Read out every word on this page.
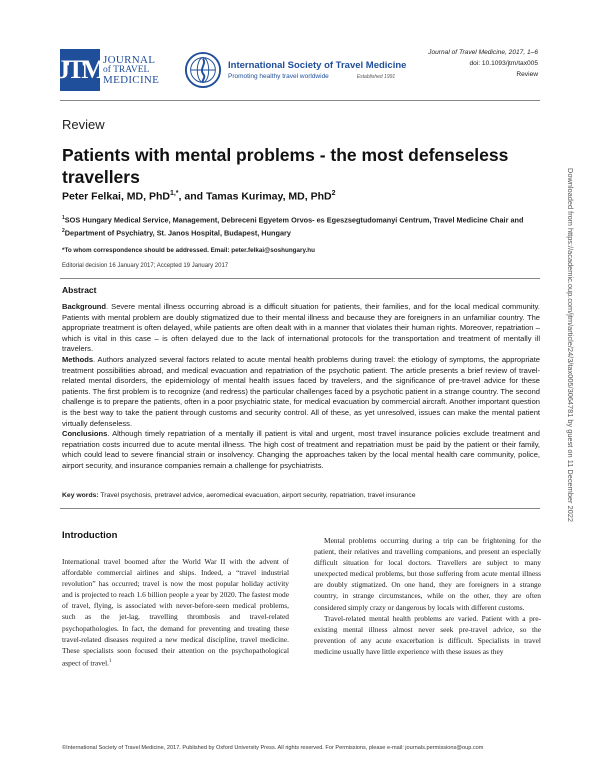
JTM JOURNAL
of TRAVEL
MEDICINE
International Society of Travel Medicine
Promoting healthy travel worldwide	Established 1991
Journal of Travel Medicine, 2017, 1–6
doi: 10.1093/jtm/tax005
Review
Review
Patients with mental problems - the most defenseless travellers
Peter Felkai, MD, PhD$^{1,*}$, and Tamas Kurimay, MD, PhD$^2$
$^1$SOS Hungary Medical Service, Management, Debreceni Egyetem Orvos- es Egeszsegtudomanyi Centrum, Travel Medicine Chair and $^2$Department of Psychiatry, St. Janos Hospital, Budapest, Hungary
*To whom correspondence should be addressed. Email: peter.felkai@soshungary.hu
Editorial decision 16 January 2017; Accepted 19 January 2017
Abstract

Background. Severe mental illness occurring abroad is a difficult situation for patients, their families, and for the local medical community. Patients with mental problem are doubly stigmatized due to their mental illness and because they are foreigners in an unfamiliar country. The appropriate treatment is often delayed, while patients are often dealt with in a manner that violates their human rights. Moreover, repatriation – which is vital in this case – is often delayed due to the lack of international protocols for the transportation and treatment of mentally ill travelers.

Methods. Authors analyzed several factors related to acute mental health problems during travel: the etiology of symptoms, the appropriate treatment possibilities abroad, and medical evacuation and repatriation of the psychotic patient. The article presents a brief review of travel-related mental disorders, the epidemiology of mental health issues faced by travelers, and the significance of pre-travel advice for these patients. The first problem is to recognize (and redress) the particular challenges faced by a psychotic patient in a strange country. The second challenge is to prepare the patients, often in a poor psychiatric state, for medical evacuation by commercial aircraft. Another important question is the best way to take the patient through customs and security control. All of these, as yet unresolved, issues can make the mental patient virtually defenseless.

Conclusions. Although timely repatriation of a mentally ill patient is vital and urgent, most travel insurance policies exclude treatment and repatriation costs incurred due to acute mental illness. The high cost of treatment and repatriation must be paid by the patient or their family, which could lead to severe financial strain or insolvency. Changing the approaches taken by the local mental health care community, police, airport security, and insurance companies remain a challenge for psychiatrists.

Key words: Travel psychosis, pretravel advice, aeromedical evacuation, airport security, repatriation, travel insurance
Introduction

International travel boomed after the World War II with the advent of affordable commercial airlines and ships. Indeed, a “travel industrial revolution” has occurred; travel is now the most popular holiday activity and is projected to reach 1.6 billion people a year by 2020. The fastest mode of travel, flying, is associated with never-before-seen medical problems, such as the jet-lag, travelling thrombosis and travel-related psychopathologies. In fact, the demand for preventing and treating these travel-related diseases required a new medical discipline, travel medicine. These specialists soon focused their attention on the psychopathological aspect of travel.$^1$

Mental problems occurring during a trip can be frightening for the patient, their relatives and travelling companions, and present an especially difficult situation for local doctors. Travellers are subject to many unexpected medical problems, but those suffering from acute mental illness are doubly stigmatized. On one hand, they are foreigners in a strange country, in strange circumstances, while on the other, they are often considered simply crazy or dangerous by locals with different customs.

Travel-related mental health problems are varied. Patient with a pre-existing mental illness almost never seek pre-travel advice, so the prevention of any acute exacerbation is difficult. Specialists in travel medicine usually have little experience with these issues as they

©International Society of Travel Medicine, 2017. Published by Oxford University Press. All rights reserved. For Permissions, please e-mail: journals.permissions@oup.com
Downloaded from https://academic.oup.com/jtm/article/24/3/tax005/3064781 by guest on 11 December 2022
